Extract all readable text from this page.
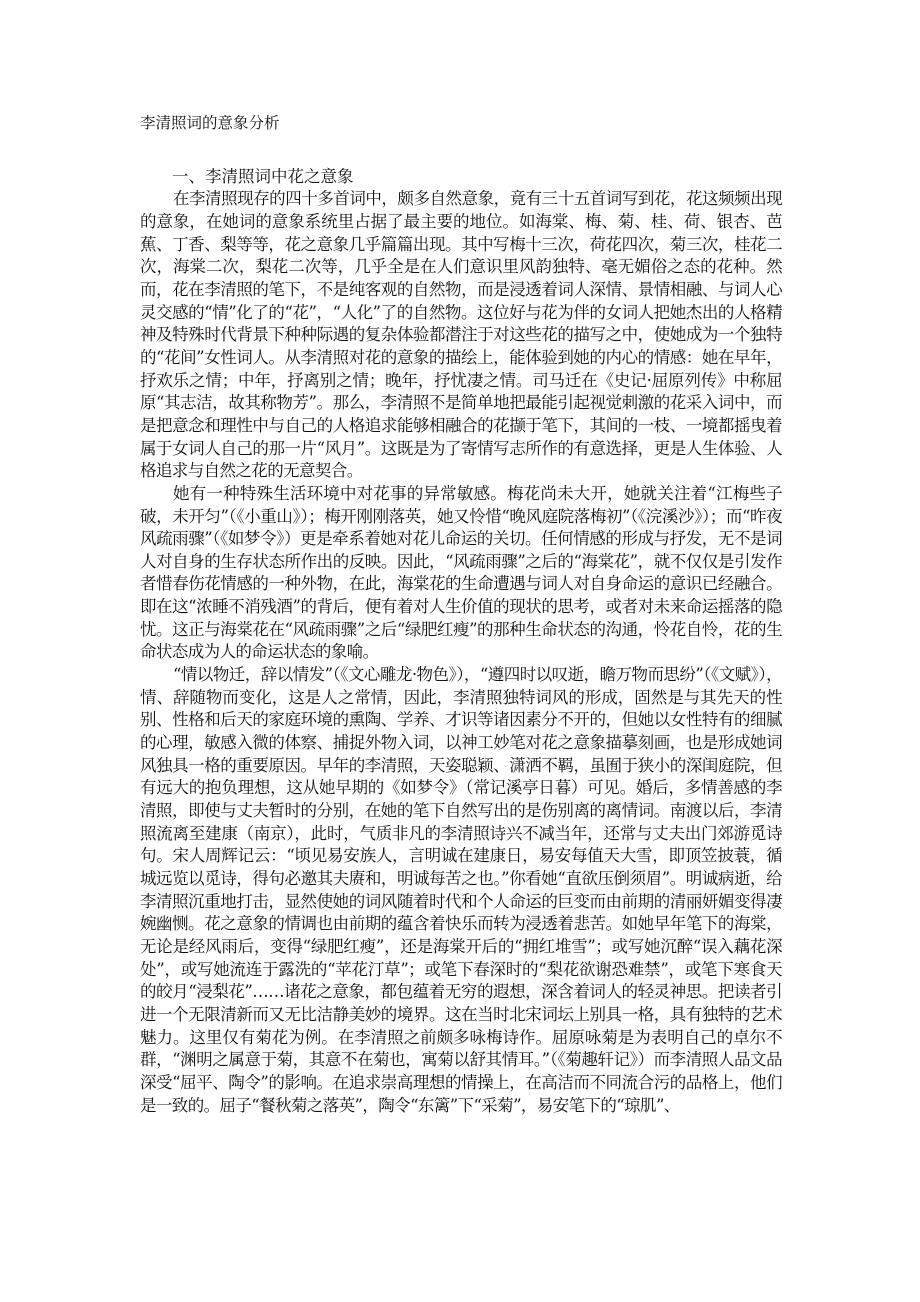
李清照词的意象分析
一、李清照词中花之意象

在李清照现存的四十多首词中，颇多自然意象，竟有三十五首词写到花，花这频频出现的意象，在她词的意象系统里占据了最主要的地位。如海棠、梅、菊、桂、荷、银杏、芭蕉、丁香、梨等等，花之意象几乎篇篇出现。其中写梅十三次，荷花四次，菊三次，桂花二次，海棠二次，梨花二次等，几乎全是在人们意识里风韵独特、毫无媚俗之态的花种。然而，花在李清照的笔下，不是纯客观的自然物，而是浸透着词人深情、景情相融、与词人心灵交感的“情”化了的“花”，“人化”了的自然物。这位好与花为伴的女词人把她杰出的人格精神及特殊时代背景下种种际遇的复杂体验都潜注于对这些花的描写之中，使她成为一个独特的“花间”女性词人。从李清照对花的意象的描绘上，能体验到她的内心的情感：她在早年，抒欢乐之情；中年，抒离别之情；晚年，抒忧凄之情。司马迁在《史记·屈原列传》中称屈原“其志洁，故其称物芳”。那么，李清照不是简单地把最能引起视觉刺激的花采入词中，而是把意念和理性中与自己的人格追求能够相融合的花撷于笔下，其间的一枝、一境都摇曳着属于女词人自己的那一片“风月”。这既是为了寄情写志所作的有意选择，更是人生体验、人格追求与自然之花的无意契合。

她有一种特殊生活环境中对花事的异常敏感。梅花尚未大开，她就关注着“江梅些子破，未开匀”（《小重山》）；梅开刚刚落英，她又怜惜“晚风庭院落梅初”（《浣溪沙》）；而“昨夜风疏雨骤”（《如梦令》）更是牵系着她对花儿命运的关切。任何情感的形成与抒发，无不是词人对自身的生存状态所作出的反映。因此，“风疏雨骤”之后的“海棠花”，就不仅仅是引发作者惜春伤花情感的一种外物，在此，海棠花的生命遭遇与词人对自身命运的意识已经融合。即在这“浓睡不消残酒”的背后，便有着对人生价值的现状的思考，或者对未来命运摇落的隐忧。这正与海棠花在“风疏雨骤”之后“绿肥红瘦”的那种生命状态的沟通，怜花自怜，花的生命状态成为人的命运状态的象喻。

“情以物迁，辞以情发”（《文心雕龙·物色》），“遵四时以叹逝，瞻万物而思纷”（《文赋》），情、辞随物而变化，这是人之常情，因此，李清照独特词风的形成，固然是与其先天的性别、性格和后天的家庭环境的熏陶、学养、才识等诸因素分不开的，但她以女性特有的细腻的心理，敏感入微的体察、捕捉外物入词，以神工妙笔对花之意象描摹刻画，也是形成她词风独具一格的重要原因。早年的李清照，天姿聪颖、潇洒不羁，虽囿于狭小的深闺庭院，但有远大的抱负理想，这从她早期的《如梦令》（常记溪亭日暮）可见。婚后，多情善感的李清照，即使与丈夫暂时的分别，在她的笔下自然写出的是伤别离的离情词。南渡以后，李清照流离至建康（南京），此时，气质非凡的李清照诗兴不减当年，还常与丈夫出门郊游觅诗句。宋人周辉记云：“顷见易安族人，言明诚在建康日，易安每值天大雪，即顶笠披蓑，循城远览以觅诗，得句必邀其夫赓和，明诚每苦之也。”你看她“直欲压倒须眉”。明诚病逝，给李清照沉重地打击，显然使她的词风随着时代和个人命运的巨变而由前期的清丽妍媚变得凄婉幽恻。花之意象的情调也由前期的蕴含着快乐而转为浸透着悲苦。如她早年笔下的海棠，无论是经风雨后，变得“绿肥红瘦”，还是海棠开后的“拥红堆雪”；或写她沉醉“误入藕花深处”，或写她流连于露洗的“苹花汀草”；或笔下春深时的“梨花欲谢恐难禁”，或笔下寒食天的皎月“浸梨花”……诸花之意象，都包蕴着无穷的遐想，深含着词人的轻灵神思。把读者引进一个无限清新而又无比洁静美妙的境界。这在当时北宋词坛上别具一格，具有独特的艺术魅力。这里仅有菊花为例。在李清照之前颇多咏梅诗作。屈原咏菊是为表明自己的卓尔不群，“渊明之属意于菊，其意不在菊也，寓菊以舒其情耳。”（《菊趣轩记》）而李清照人品文品深受“屈平、陶令”的影响。在追求崇高理想的情操上，在高洁而不同流合污的品格上，他们是一致的。屈子“餐秋菊之落英”，陶令“东篱”下“采菊”，易安笔下的“琼肌”、
